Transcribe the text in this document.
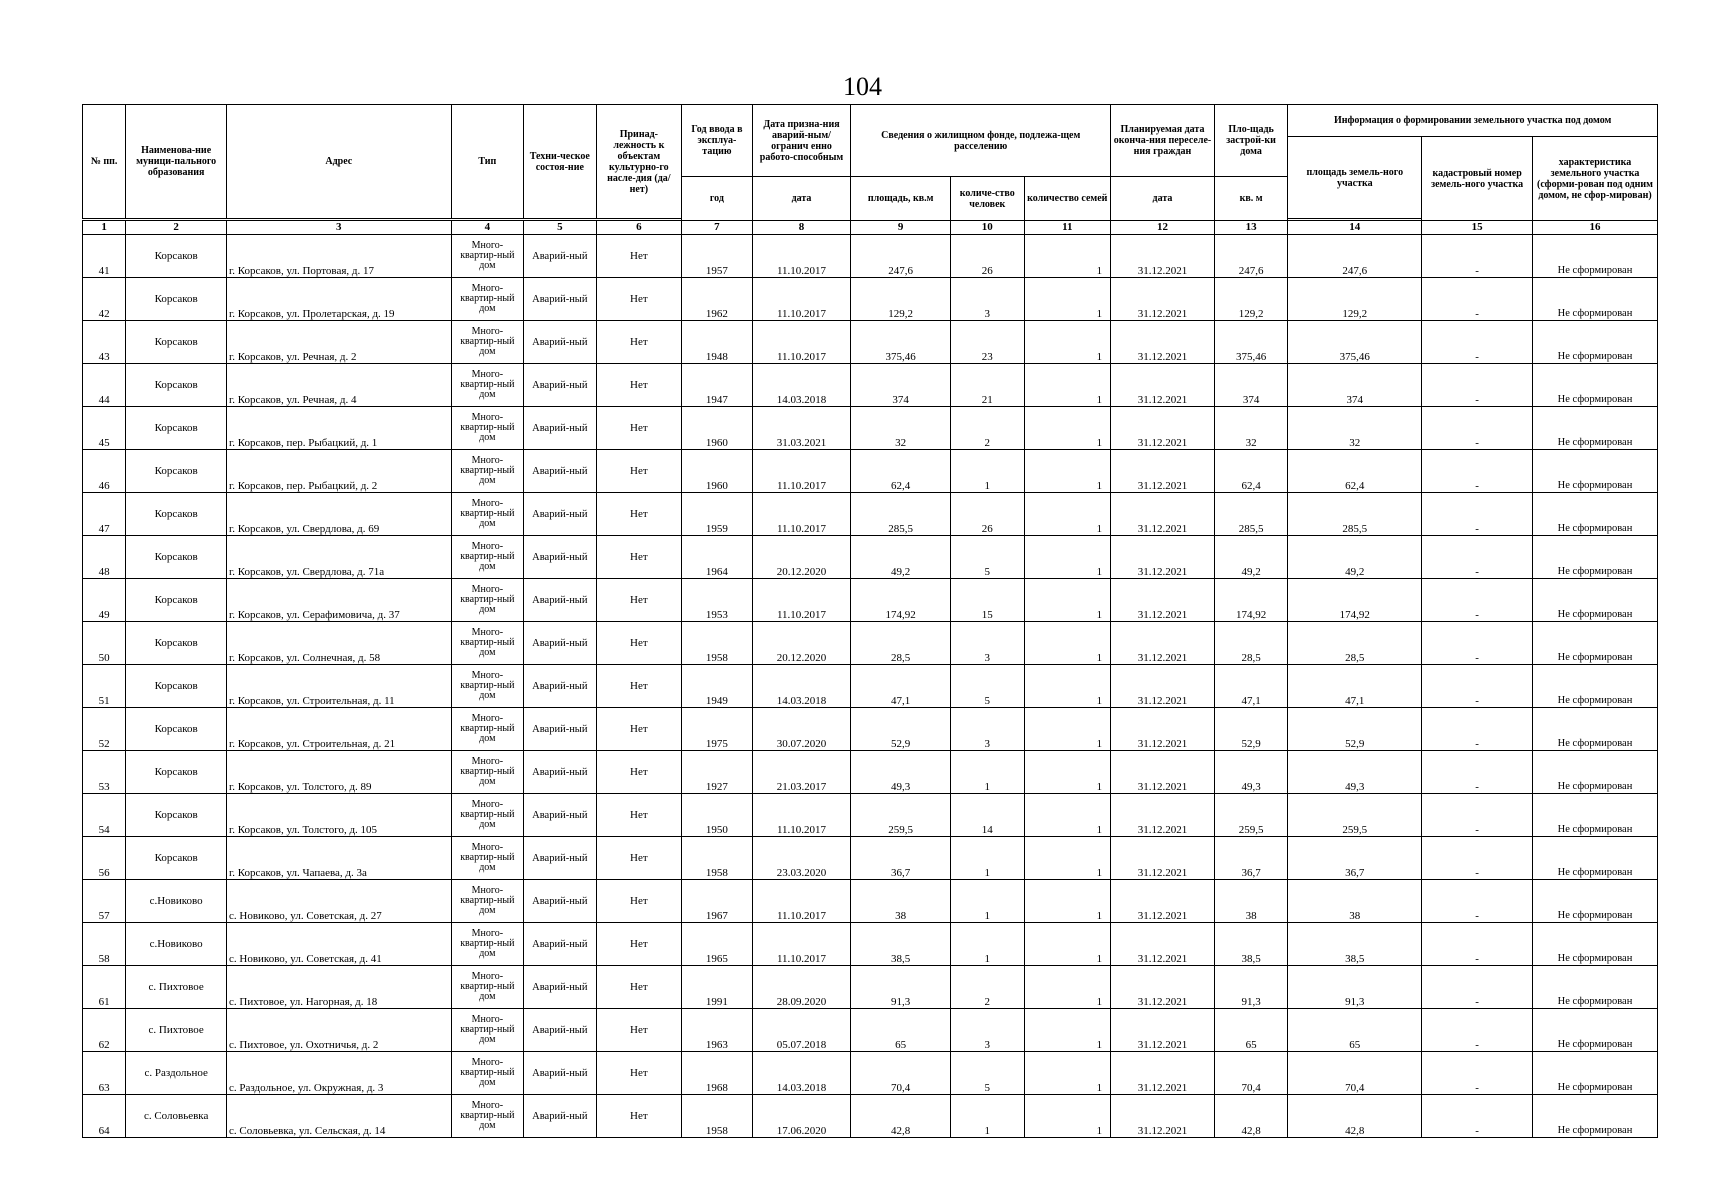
104
№ пп.	Наименова-ние муници-пального образования	Адрес	Тип	Техни-ческое состоя-ние	Принад-лежность к объектам культурно-го насле-дия (да/нет)	Год ввода в эксплуа-тацию	Дата призна-ния аварий-ным/огранич енно работо-способным	Сведения о жилищном фонде, подлежа-щем расселению			Планируемая дата оконча-ния переселе-ния граждан	Пло-щадь застрой-ки дома	Информация о формировании земельного участка под домом		
													площадь земель-ного участка	кадастровый номер земель-ного участка	характеристика земельного участка (сформи-рован под одним домом, не сфор-мирован)
						год	дата	площадь, кв.м	количе-ство человек	количество семей	дата	кв. м			

1	2	3	4	5	6	7	8	9	10	11	12	13	14	15	16
41	Корсаков	г. Корсаков, ул. Портовая, д. 17	Много-квартир-ный дом	Аварий-ный	Нет	1957	11.10.2017	247,6	26	1	31.12.2021	247,6	247,6	-	Не сформирован
42	Корсаков	г. Корсаков, ул. Пролетарская, д. 19	Много-квартир-ный дом	Аварий-ный	Нет	1962	11.10.2017	129,2	3	1	31.12.2021	129,2	129,2	-	Не сформирован
43	Корсаков	г. Корсаков, ул. Речная, д. 2	Много-квартир-ный дом	Аварий-ный	Нет	1948	11.10.2017	375,46	23	1	31.12.2021	375,46	375,46	-	Не сформирован
44	Корсаков	г. Корсаков, ул. Речная, д. 4	Много-квартир-ный дом	Аварий-ный	Нет	1947	14.03.2018	374	21	1	31.12.2021	374	374	-	Не сформирован
45	Корсаков	г. Корсаков, пер. Рыбацкий, д. 1	Много-квартир-ный дом	Аварий-ный	Нет	1960	31.03.2021	32	2	1	31.12.2021	32	32	-	Не сформирован
46	Корсаков	г. Корсаков, пер. Рыбацкий, д. 2	Много-квартир-ный дом	Аварий-ный	Нет	1960	11.10.2017	62,4	1	1	31.12.2021	62,4	62,4	-	Не сформирован
47	Корсаков	г. Корсаков, ул. Свердлова, д. 69	Много-квартир-ный дом	Аварий-ный	Нет	1959	11.10.2017	285,5	26	1	31.12.2021	285,5	285,5	-	Не сформирован
48	Корсаков	г. Корсаков, ул. Свердлова, д. 71а	Много-квартир-ный дом	Аварий-ный	Нет	1964	20.12.2020	49,2	5	1	31.12.2021	49,2	49,2	-	Не сформирован
49	Корсаков	г. Корсаков, ул. Серафимовича, д. 37	Много-квартир-ный дом	Аварий-ный	Нет	1953	11.10.2017	174,92	15	1	31.12.2021	174,92	174,92	-	Не сформирован
50	Корсаков	г. Корсаков, ул. Солнечная, д. 58	Много-квартир-ный дом	Аварий-ный	Нет	1958	20.12.2020	28,5	3	1	31.12.2021	28,5	28,5	-	Не сформирован
51	Корсаков	г. Корсаков, ул. Строительная, д. 11	Много-квартир-ный дом	Аварий-ный	Нет	1949	14.03.2018	47,1	5	1	31.12.2021	47,1	47,1	-	Не сформирован
52	Корсаков	г. Корсаков, ул. Строительная, д. 21	Много-квартир-ный дом	Аварий-ный	Нет	1975	30.07.2020	52,9	3	1	31.12.2021	52,9	52,9	-	Не сформирован
53	Корсаков	г. Корсаков, ул. Толстого, д. 89	Много-квартир-ный дом	Аварий-ный	Нет	1927	21.03.2017	49,3	1	1	31.12.2021	49,3	49,3	-	Не сформирован
54	Корсаков	г. Корсаков, ул. Толстого, д. 105	Много-квартир-ный дом	Аварий-ный	Нет	1950	11.10.2017	259,5	14	1	31.12.2021	259,5	259,5	-	Не сформирован
56	Корсаков	г. Корсаков, ул. Чапаева, д. 3а	Много-квартир-ный дом	Аварий-ный	Нет	1958	23.03.2020	36,7	1	1	31.12.2021	36,7	36,7	-	Не сформирован
57	с.Новиково	с. Новиково, ул. Советская, д. 27	Много-квартир-ный дом	Аварий-ный	Нет	1967	11.10.2017	38	1	1	31.12.2021	38	38	-	Не сформирован
58	с.Новиково	с. Новиково, ул. Советская, д. 41	Много-квартир-ный дом	Аварий-ный	Нет	1965	11.10.2017	38,5	1	1	31.12.2021	38,5	38,5	-	Не сформирован
61	с. Пихтовое	с. Пихтовое, ул. Нагорная, д. 18	Много-квартир-ный дом	Аварий-ный	Нет	1991	28.09.2020	91,3	2	1	31.12.2021	91,3	91,3	-	Не сформирован
62	с. Пихтовое	с. Пихтовое, ул. Охотничья, д. 2	Много-квартир-ный дом	Аварий-ный	Нет	1963	05.07.2018	65	3	1	31.12.2021	65	65	-	Не сформирован
63	с. Раздольное	с. Раздольное, ул. Окружная, д. 3	Много-квартир-ный дом	Аварий-ный	Нет	1968	14.03.2018	70,4	5	1	31.12.2021	70,4	70,4	-	Не сформирован
64	с. Соловьевка	с. Соловьевка, ул. Сельская, д. 14	Много-квартир-ный дом	Аварий-ный	Нет	1958	17.06.2020	42,8	1	1	31.12.2021	42,8	42,8	-	Не сформирован
